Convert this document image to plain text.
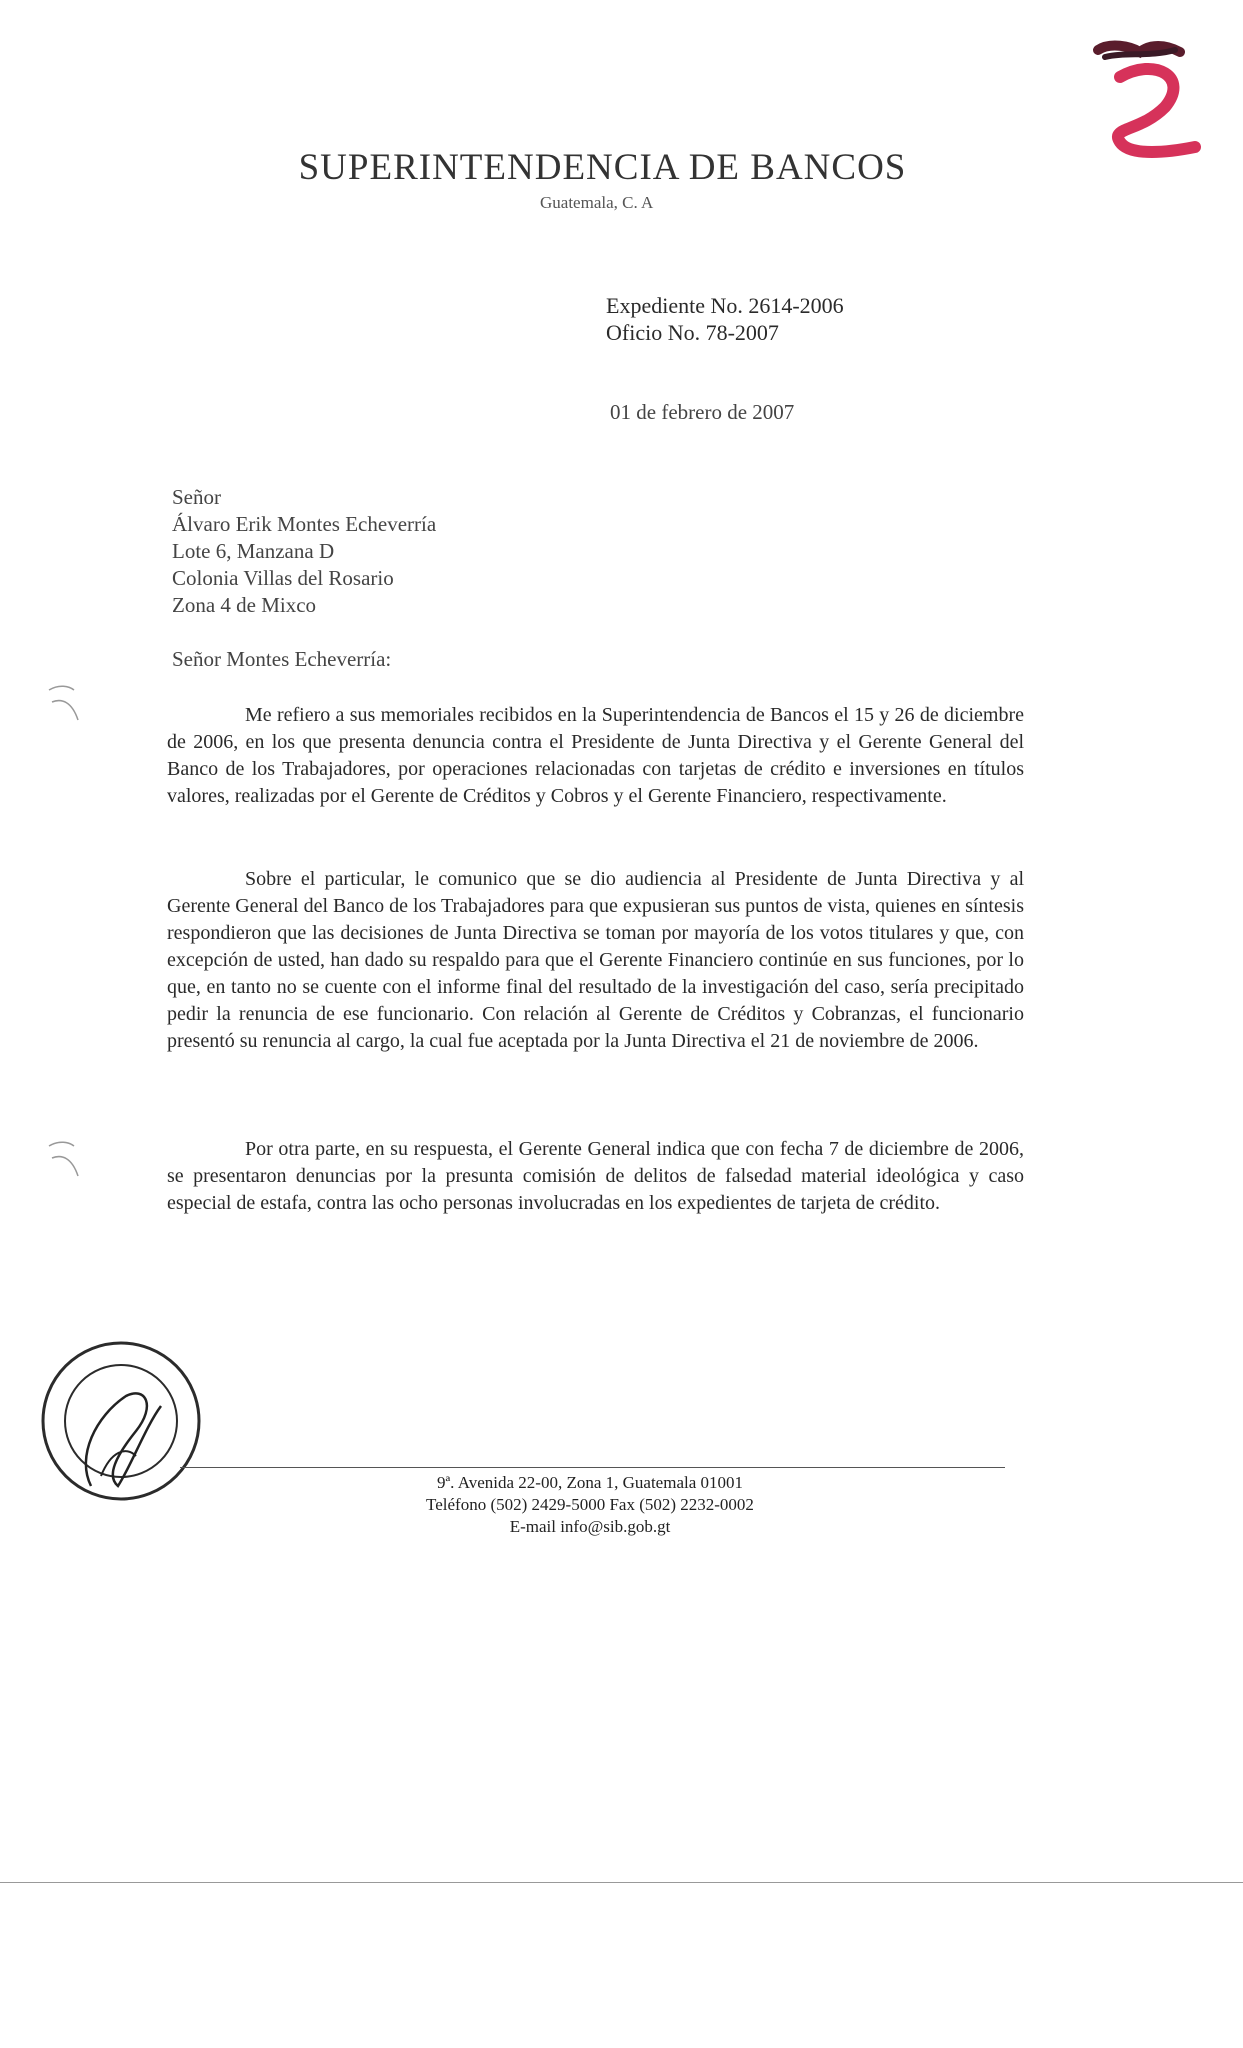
SUPERINTENDENCIA DE BANCOS
Guatemala, C. A
Expediente No. 2614-2006
Oficio No. 78-2007
01 de febrero de 2007
Señor
Álvaro Erik Montes Echeverría
Lote 6, Manzana D
Colonia Villas del Rosario
Zona 4 de Mixco
Señor Montes Echeverría:

Me refiero a sus memoriales recibidos en la Superintendencia de Bancos el 15 y 26 de diciembre de 2006, en los que presenta denuncia contra el Presidente de Junta Directiva y el Gerente General del Banco de los Trabajadores, por operaciones relacionadas con tarjetas de crédito e inversiones en títulos valores, realizadas por el Gerente de Créditos y Cobros y el Gerente Financiero, respectivamente.

Sobre el particular, le comunico que se dio audiencia al Presidente de Junta Directiva y al Gerente General del Banco de los Trabajadores para que expusieran sus puntos de vista, quienes en síntesis respondieron que las decisiones de Junta Directiva se toman por mayoría de los votos titulares y que, con excepción de usted, han dado su respaldo para que el Gerente Financiero continúe en sus funciones, por lo que, en tanto no se cuente con el informe final del resultado de la investigación del caso, sería precipitado pedir la renuncia de ese funcionario. Con relación al Gerente de Créditos y Cobranzas, el funcionario presentó su renuncia al cargo, la cual fue aceptada por la Junta Directiva el 21 de noviembre de 2006.

Por otra parte, en su respuesta, el Gerente General indica que con fecha 7 de diciembre de 2006, se presentaron denuncias por la presunta comisión de delitos de falsedad material ideológica y caso especial de estafa, contra las ocho personas involucradas en los expedientes de tarjeta de crédito.

9ª. Avenida 22-00, Zona 1, Guatemala 01001
Teléfono (502) 2429-5000 Fax (502) 2232-0002
E-mail info@sib.gob.gt
